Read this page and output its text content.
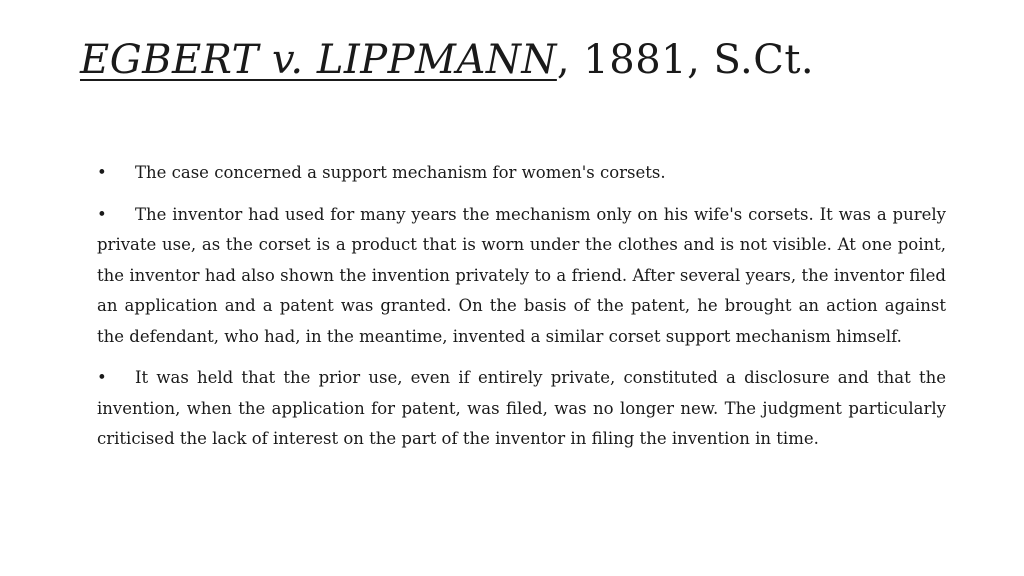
EGBERT v. LIPPMANN, 1881, S.Ct.

• The case concerned a support mechanism for women's corsets.

• The inventor had used for many years the mechanism only on his wife's corsets. It was a purely private use, as the corset is a product that is worn under the clothes and is not visible. At one point, the inventor had also shown the invention privately to a friend. After several years, the inventor filed an application and a patent was granted. On the basis of the patent, he brought an action against the defendant, who had, in the meantime, invented a similar corset support mechanism himself.

• It was held that the prior use, even if entirely private, constituted a disclosure and that the invention, when the application for patent, was filed, was no longer new. The judgment particularly criticised the lack of interest on the part of the inventor in filing the invention in time.
